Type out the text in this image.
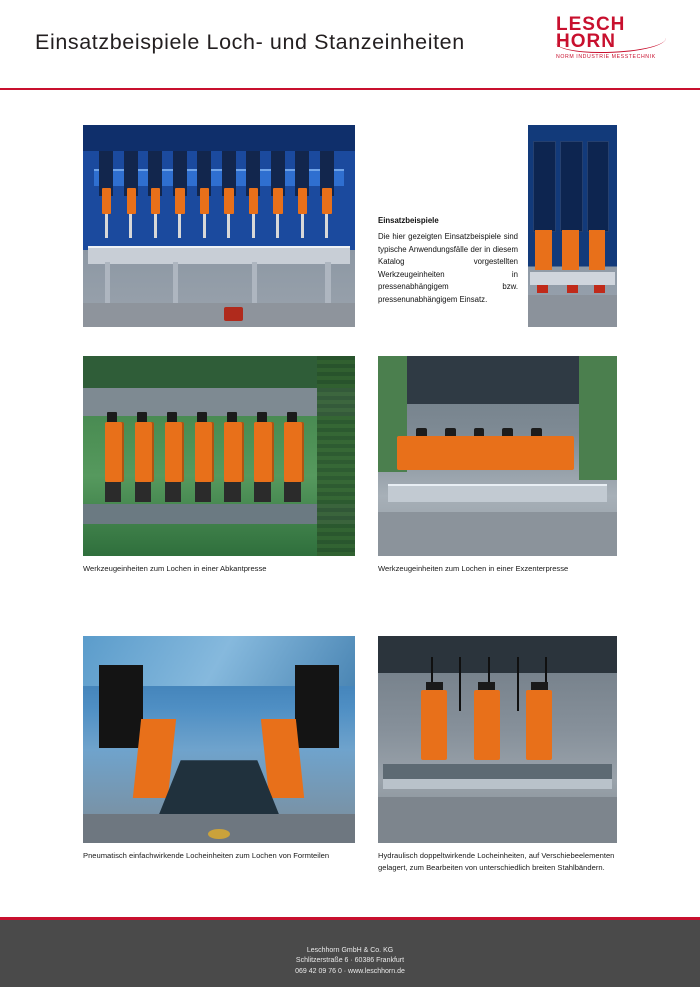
Einsatzbeispiele Loch- und Stanzeinheiten
LESCH
HORN
NORM INDUSTRIE MESSTECHNIK
Einsatzbeispiele

Die hier gezeigten Einsatzbeispiele sind typische Anwendungsfälle der in diesem Katalog vorgestellten Werkzeugeinheiten in pressenabhängigem bzw. pressenunabhängigem Einsatz.

Werkzeugeinheiten zum Lochen in einer Abkantpresse	Werkzeugeinheiten zum Lochen in einer Exzenterpresse
Pneumatisch einfachwirkende Locheinheiten zum Lochen von Formteilen	Hydraulisch doppeltwirkende Locheinheiten, auf Verschiebeelementen gelagert, zum Bearbeiten von unterschiedlich breiten Stahlbändern.
Leschhorn GmbH & Co. KG
Schlitzerstraße 6 · 60386 Frankfurt
069 42 09 76 0 · www.leschhorn.de
